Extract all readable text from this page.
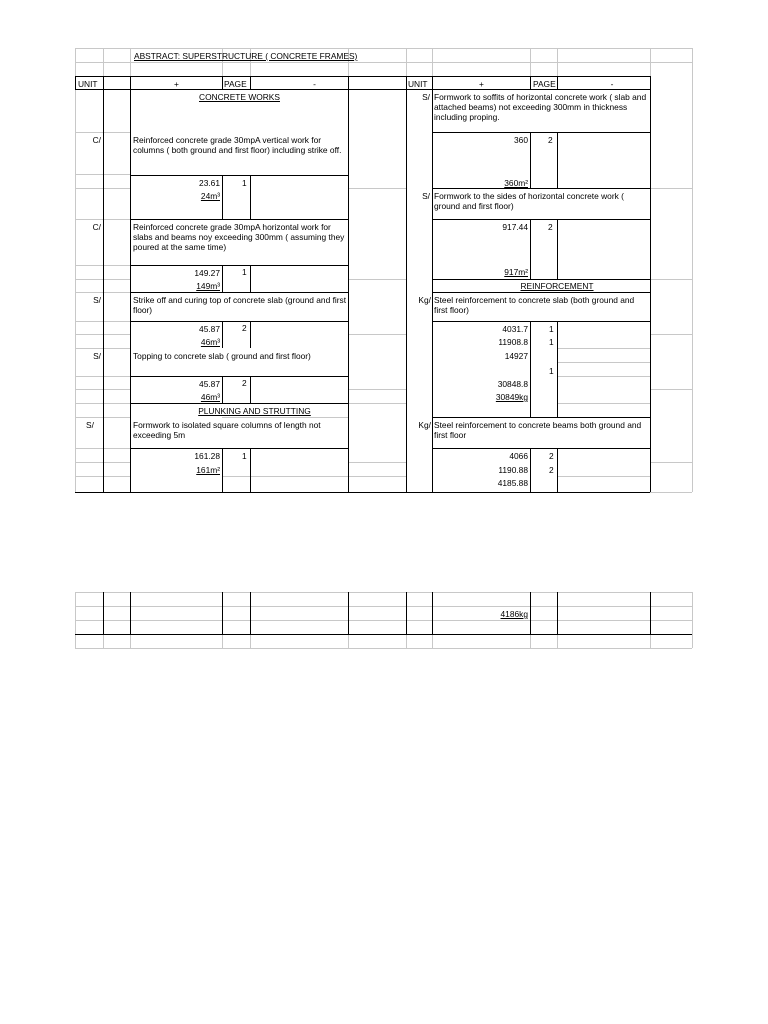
ABSTRACT: SUPERSTRUCTURE ( CONCRETE FRAMES)
UNIT	+	PAGE	-	UNIT	+	PAGE	-
CONCRETE WORKS
C/	Reinforced concrete grade 30mpA vertical work for columns ( both ground and first floor) including strike off.
23.61	1
24m³
C/	Reinforced concrete grade 30mpA horizontal work for slabs and beams noy exceeding 300mm ( assuming they poured at the same time)
149.27	1
149m³
S/	Strike off and curing top of concrete slab (ground and first floor)
45.87	2
46m³
S/	Topping to concrete slab ( ground and first floor)
45.87	2
46m³
PLUNKING AND STRUTTING
S/	Formwork to isolated square columns of length not exceeding 5m
161.28	1
161m²
S/ Formwork to soffits of horizontal concrete work ( slab and attached beams) not exceeding 300mm in thickness including proping.
360 2
360m²
S/ Formwork to the sides of horizontal concrete work ( ground and first floor)
917.44 2
917m²
REINFORCEMENT
Kg/ Steel reinforcement to concrete slab (both ground and first floor)
4031.7	1
11908.8	1
14927
1
30848.8
30849kg
Kg/ Steel reinforcement to concrete beams both ground and first floor
4066	2
1190.88	2
4185.88
4186kg
